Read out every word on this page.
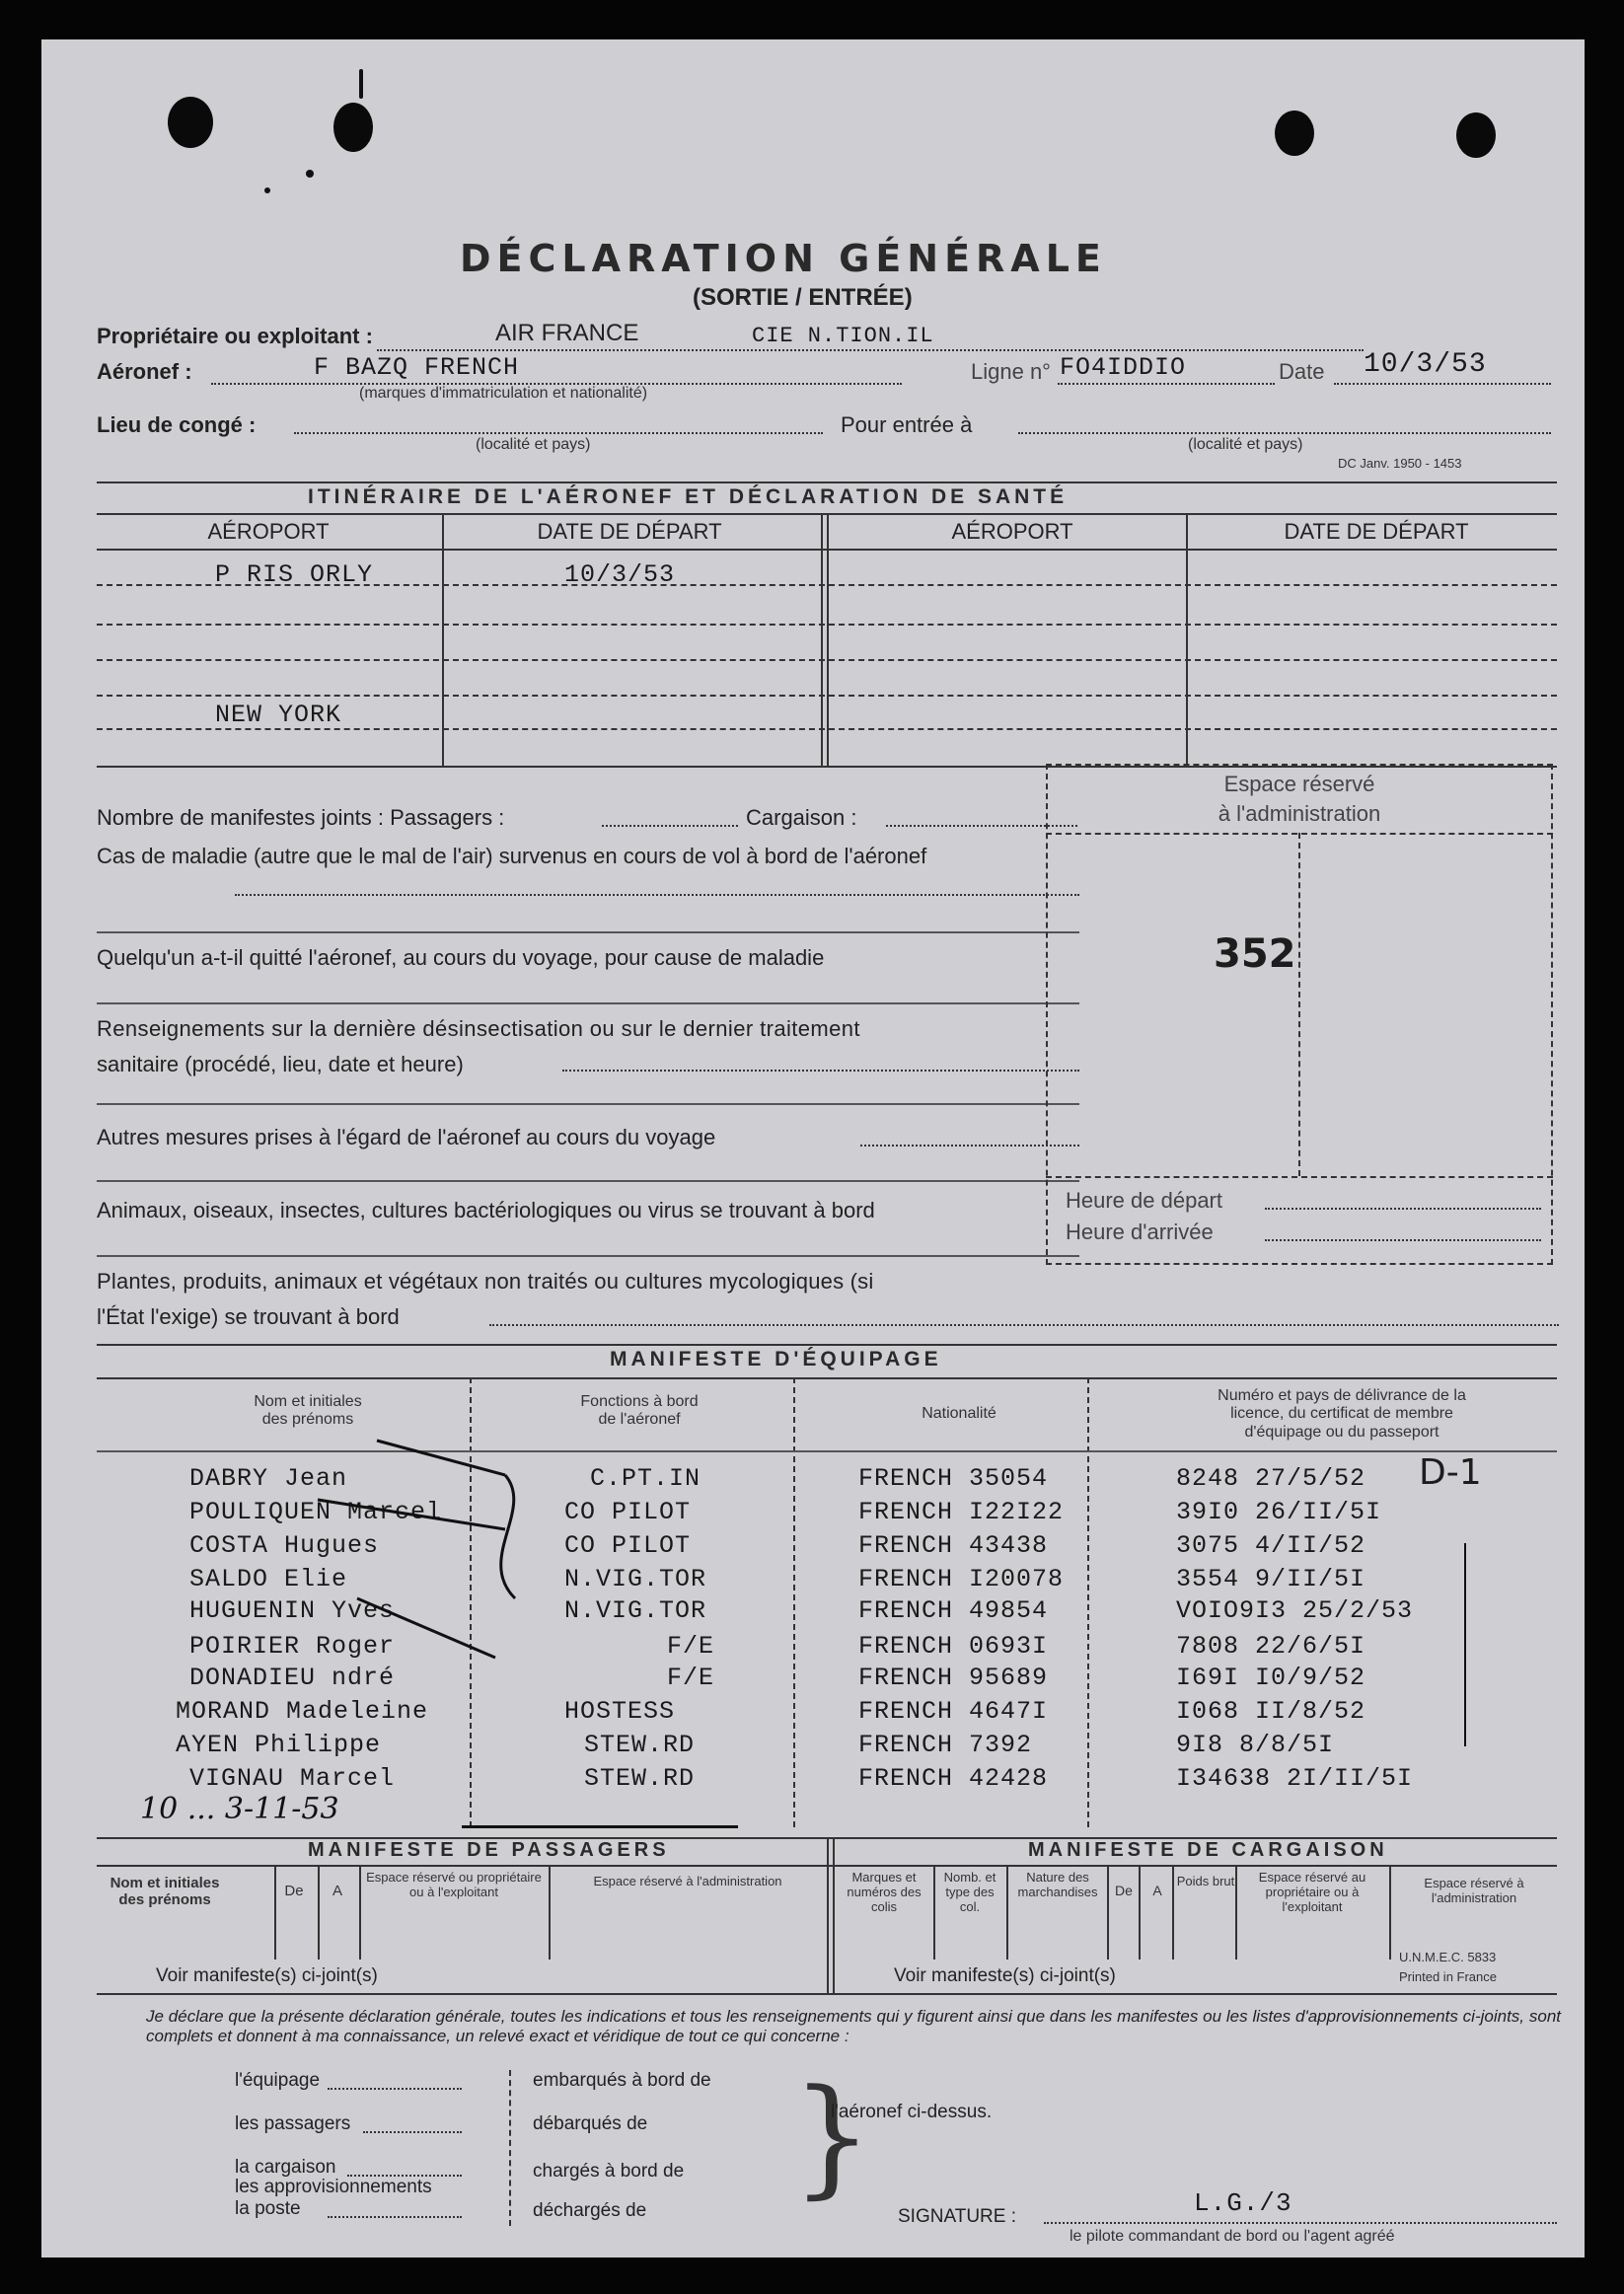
DÉCLARATION GÉNÉRALE
(SORTIE / ENTRÉE)
Propriétaire ou exploitant :	AIR FRANCE	CIE N.TION.IL
Aéronef :	F BAZQ FRENCH
(marques d'immatriculation et nationalité)
Ligne n° FO4IDDIO	Date 10/3/53
Lieu de congé :
(localité et pays)
Pour entrée à
(localité et pays)
DC Janv. 1950 - 1453
ITINÉRAIRE DE L'AÉRONEF ET DÉCLARATION DE SANTÉ
AÉROPORT	DATE DE DÉPART	AÉROPORT	DATE DE DÉPART
P RIS ORLY	10/3/53
NEW YORK
Nombre de manifestes joints : Passagers :	Cargaison :
Cas de maladie (autre que le mal de l'air) survenus en cours de vol à bord de l'aéronef
Quelqu'un a-t-il quitté l'aéronef, au cours du voyage, pour cause de maladie
Renseignements sur la dernière désinsectisation ou sur le dernier traitement
sanitaire (procédé, lieu, date et heure)
Autres mesures prises à l'égard de l'aéronef au cours du voyage
Animaux, oiseaux, insectes, cultures bactériologiques ou virus se trouvant à bord
Plantes, produits, animaux et végétaux non traités ou cultures mycologiques (si
l'État l'exige) se trouvant à bord
Espace réservé
à l'administration
352
Heure de départ
Heure d'arrivée
MANIFESTE D'ÉQUIPAGE
Nom et initiales
des prénoms
Fonctions à bord
de l'aéronef	Nationalité
Numéro et pays de délivrance de la
licence, du certificat de membre
d'équipage ou du passeport
D-1
DABRY Jean	C.PT.IN	FRENCH 35054	8248 27/5/52
POULIQUEN Marcel	CO PILOT	FRENCH I22I22	39I0 26/II/5I
COSTA Hugues	CO PILOT	FRENCH 43438	3075 4/II/52
SALDO Elie	N.VIG.TOR	FRENCH I20078	3554 9/II/5I
HUGUENIN Yves	N.VIG.TOR	FRENCH 49854	VOIO9I3 25/2/53
POIRIER Roger	F/E	FRENCH 0693I	7808 22/6/5I
DONADIEU ndré	F/E	FRENCH 95689	I69I I0/9/52
MORAND Madeleine	HOSTESS	FRENCH 4647I	I068 II/8/52
AYEN Philippe	STEW.RD	FRENCH 7392	9I8 8/8/5I
VIGNAU Marcel	STEW.RD	FRENCH 42428	I34638 2I/II/5I
10 ... 3-11-53
MANIFESTE DE PASSAGERS	MANIFESTE DE CARGAISON
Nom et initiales des prénoms
De	A
Espace réservé ou propriétaire ou à l'exploitant
Espace réservé à l'administration
Voir manifeste(s) ci-joint(s)
Marques et numéros des colis
Nomb. et type des col.
Nature des marchandises	De	A
Poids brut	Espace réservé au propriétaire ou à l'exploitant
Espace réservé à l'administration
Voir manifeste(s) ci-joint(s)
U.N.M.E.C. 5833
Printed in France
Je déclare que la présente déclaration générale, toutes les indications et tous les renseignements qui y figurent ainsi que dans les manifestes ou les listes d'approvisionnements ci-joints, sont complets et donnent à ma connaissance, un relevé exact et véridique de tout ce qui concerne :
l'équipage
les passagers
la cargaison
les approvisionnements
la poste
embarqués à bord de
débarqués de
chargés à bord de
déchargés de }
l'aéronef ci-dessus.
SIGNATURE :	L.G./3
le pilote commandant de bord ou l'agent agréé
